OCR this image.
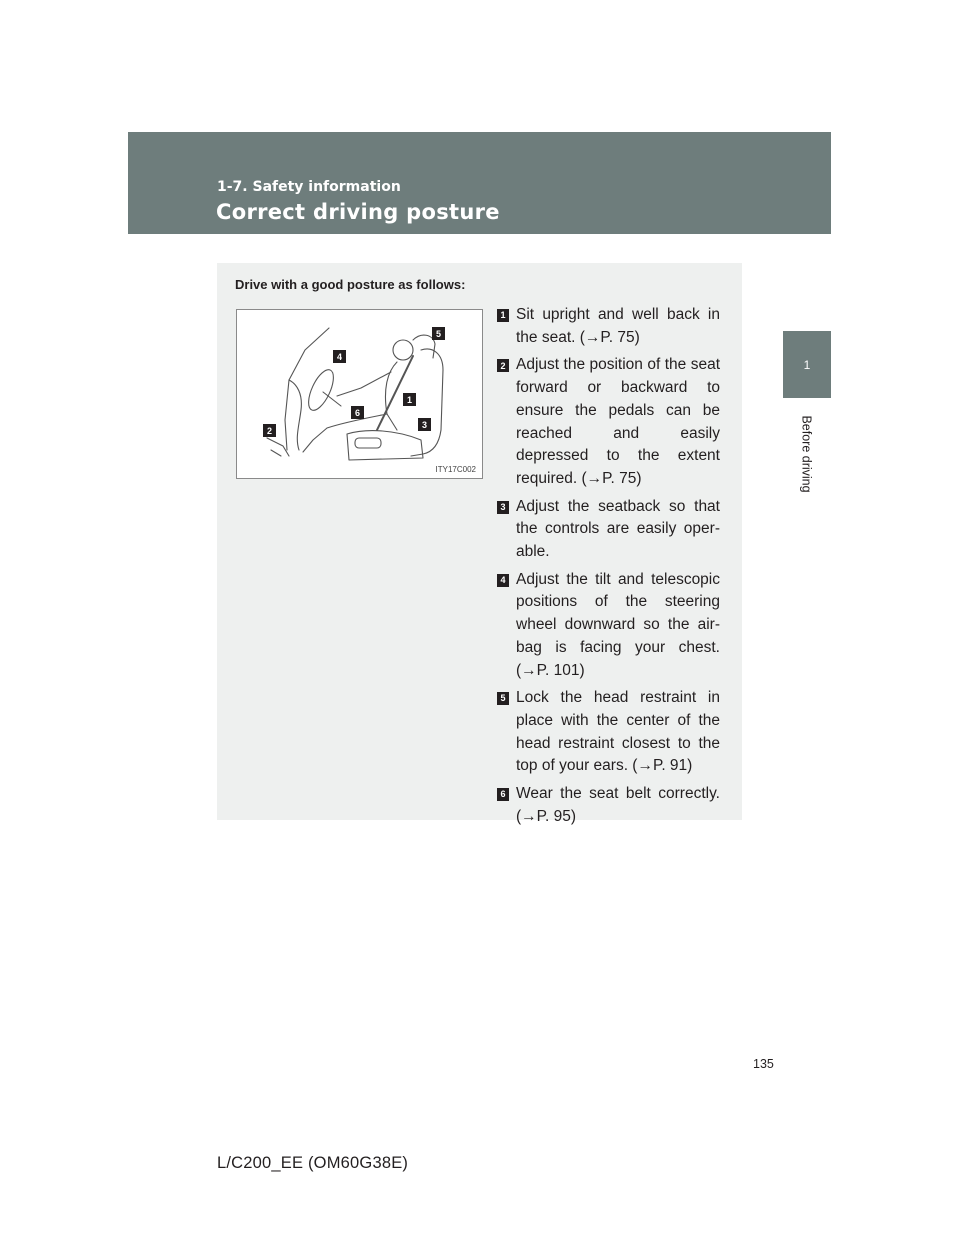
1-7. Safety information
Correct driving posture
1
Before driving
Drive with a good posture as follows:
5
4
1
6
3
2
ITY17C002
1 Sit upright and well back in the seat. (→P. 75)
2 Adjust the position of the seat forward or backward to ensure the pedals can be reached and easily depressed to the extent required. (→P. 75)
3 Adjust the seatback so that the controls are easily oper-able.
4 Adjust the tilt and telescopic positions of the steering wheel downward so the air-bag is facing your chest. (→P. 101)
5 Lock the head restraint in place with the center of the head restraint closest to the top of your ears. (→P. 91)
6 Wear the seat belt correctly. (→P. 95)
135
L/C200_EE (OM60G38E)
